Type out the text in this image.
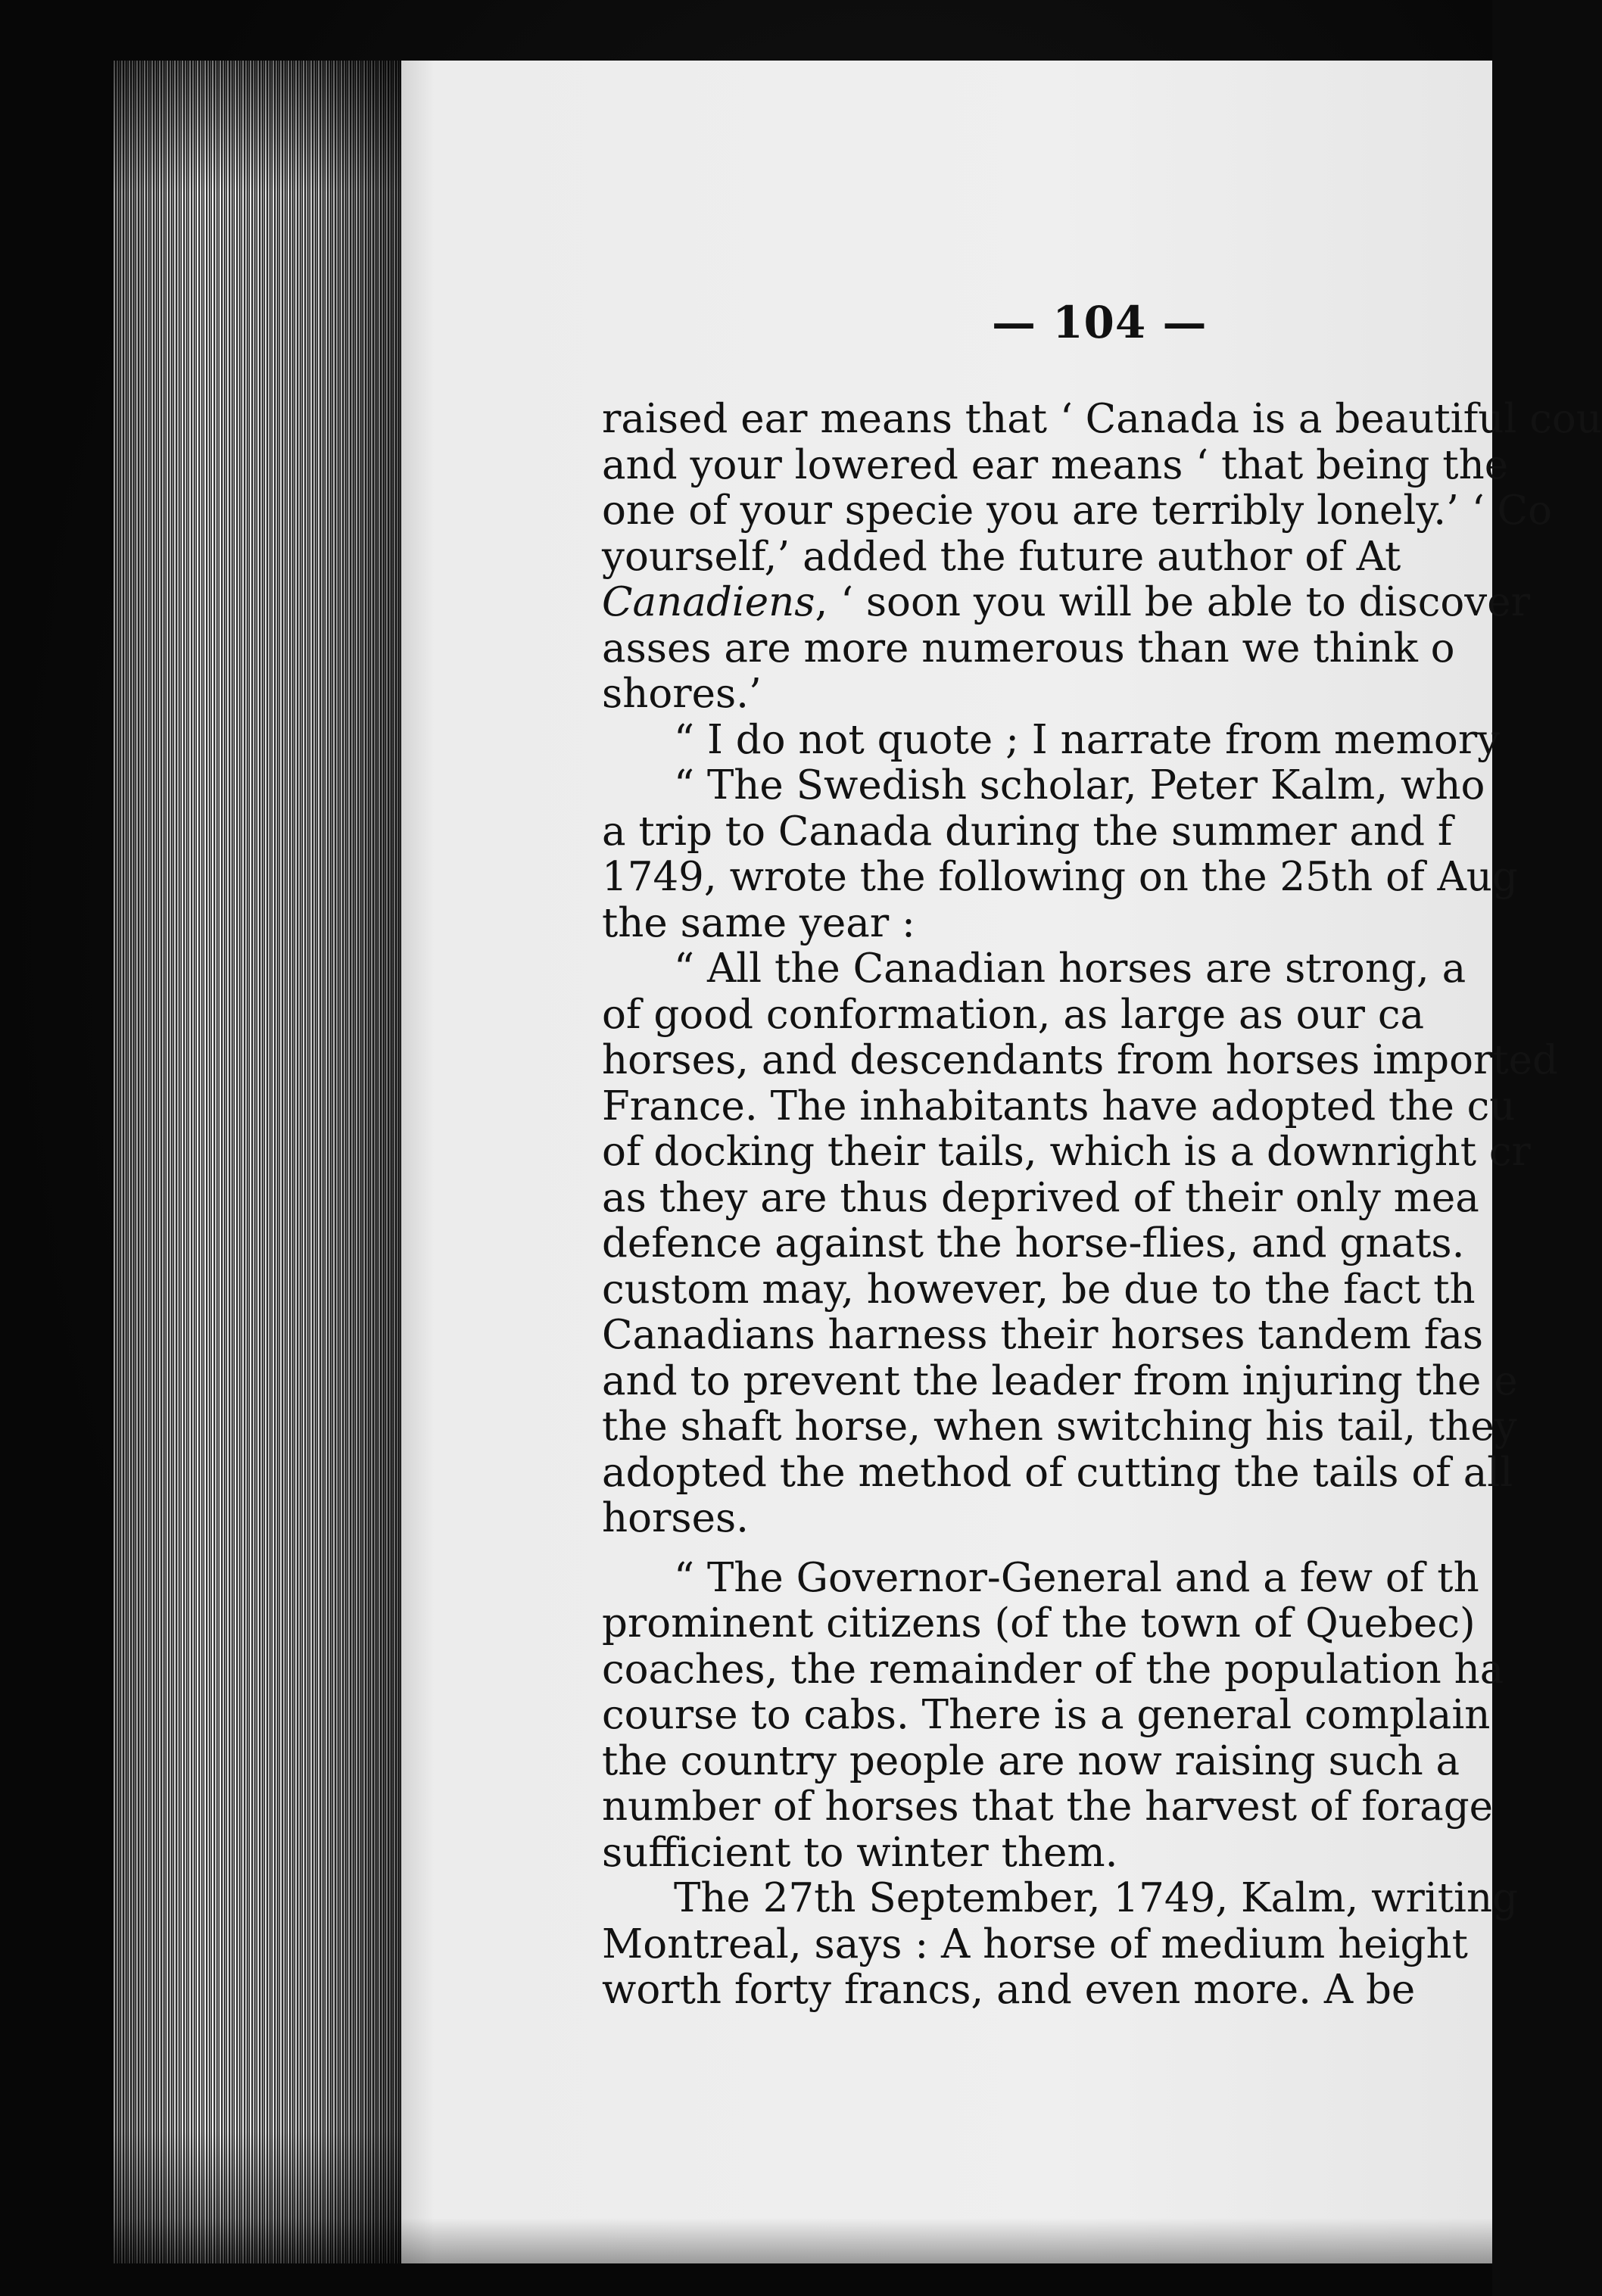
— 104 —
raised ear means that ‘ Canada is a beautiful cou
and your lowered ear means ‘ that being the
one of your specie you are terribly lonely.’ ‘ Co
yourself,’ added the future author of At
Canadiens, ‘ soon you will be able to discover
asses are more numerous than we think o
shores.’
“ I do not quote ; I narrate from memory
“ The Swedish scholar, Peter Kalm, who
a trip to Canada during the summer and f
1749, wrote the following on the 25th of Aug
the same year :
“ All the Canadian horses are strong, a
of good conformation, as large as our ca
horses, and descendants from horses imported
France. The inhabitants have adopted the cu
of docking their tails, which is a downright cr
as they are thus deprived of their only mea
defence against the horse-flies, and gnats.
custom may, however, be due to the fact th
Canadians harness their horses tandem fas
and to prevent the leader from injuring the e
the shaft horse, when switching his tail, they
adopted the method of cutting the tails of all
horses.
“ The Governor-General and a few of th
prominent citizens (of the town of Quebec)
coaches, the remainder of the population ha
course to cabs. There is a general complain
the country people are now raising such a
number of horses that the harvest of forage
sufficient to winter them.
The 27th September, 1749, Kalm, writing
Montreal, says : A horse of medium height
worth forty francs, and even more. A be
